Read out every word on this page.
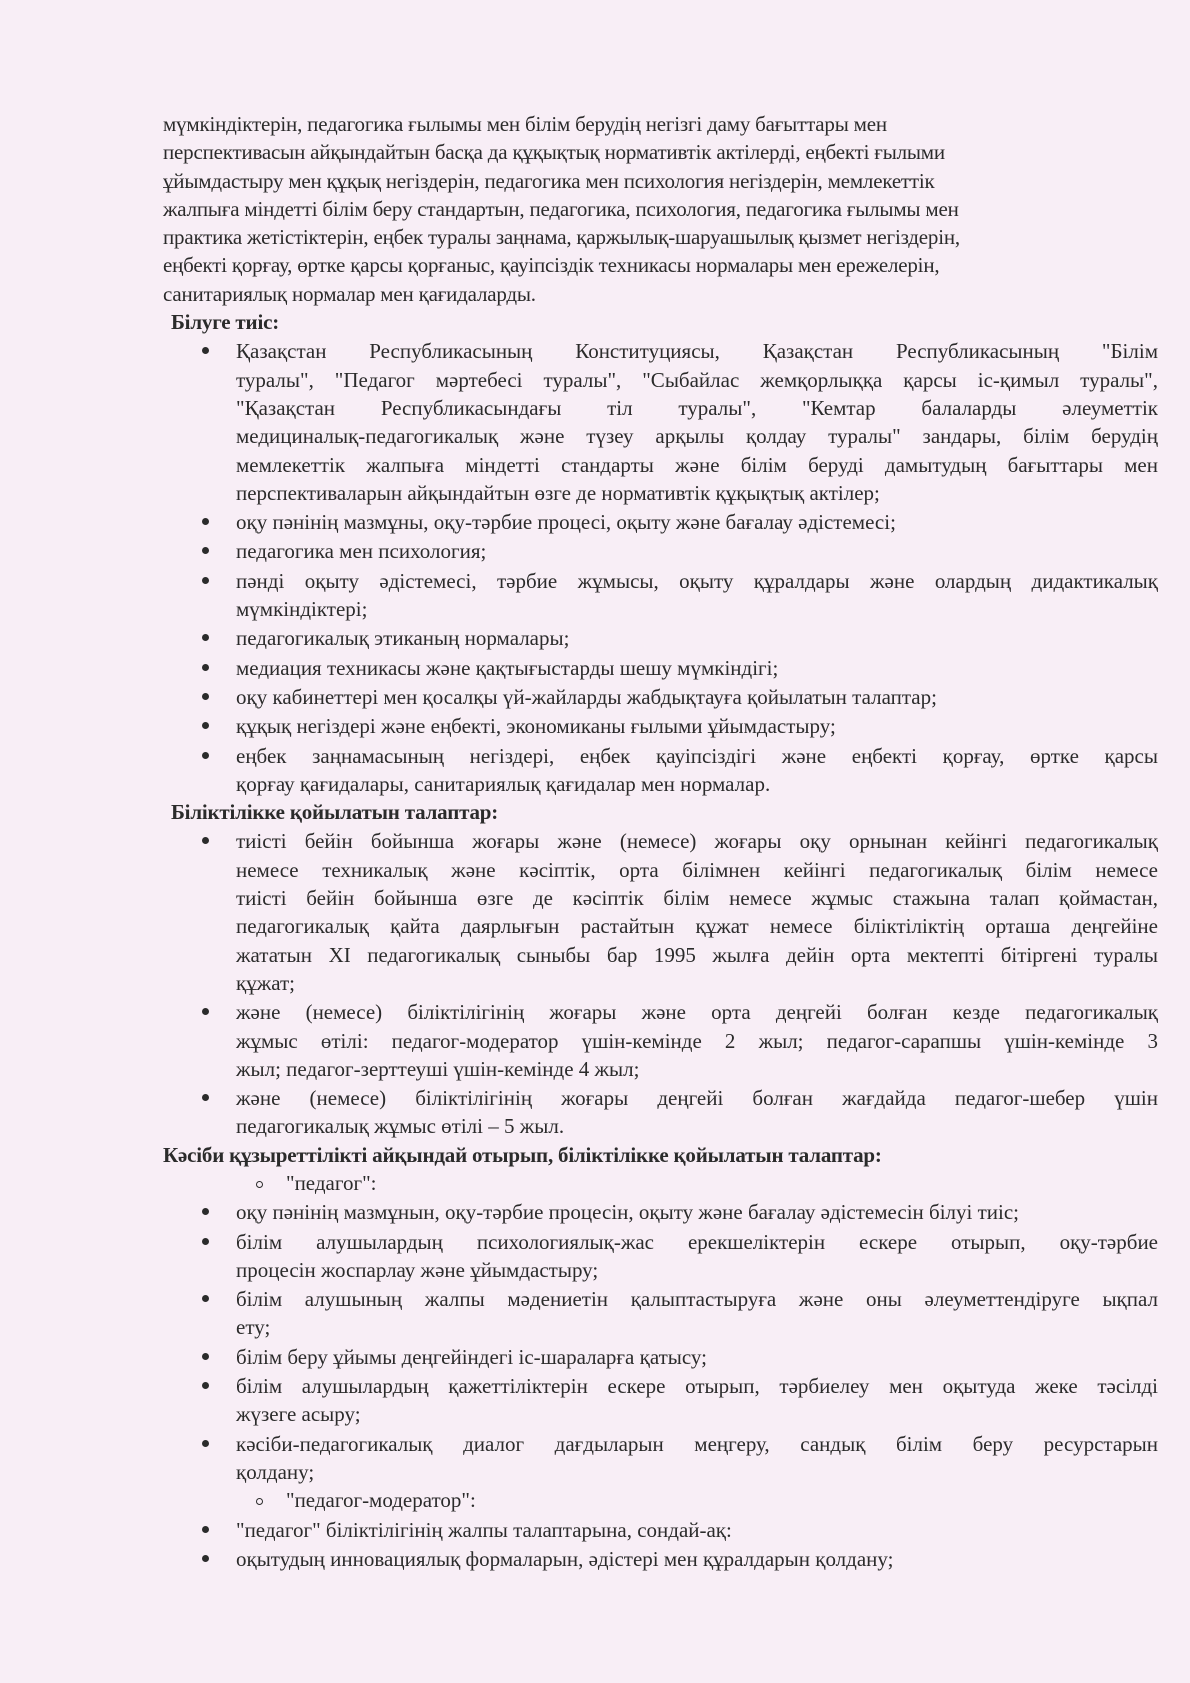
мүмкіндіктерін, педагогика ғылымы мен білім берудің негізгі даму бағыттары мен
перспективасын айқындайтын басқа да құқықтық нормативтік актілерді, еңбекті ғылыми
ұйымдастыру мен құқық негіздерін, педагогика мен психология негіздерін, мемлекеттік
жалпыға міндетті білім беру стандартын, педагогика, психология, педагогика ғылымы мен
практика жетістіктерін, еңбек туралы заңнама, қаржылық-шаруашылық қызмет негіздерін,
еңбекті қорғау, өртке қарсы қорғаныс, қауіпсіздік техникасы нормалары мен ережелерін,
санитариялық нормалар мен қағидаларды.
Білуге тиіс:
Қазақстан Республикасының Конституциясы, Қазақстан Республикасының "Білім
туралы", "Педагог мәртебесі туралы", "Сыбайлас жемқорлыққа қарсы іс-қимыл туралы",
"Қазақстан Республикасындағы тіл туралы", "Кемтар балаларды әлеуметтік
медициналық-педагогикалық және түзеу арқылы қолдау туралы" зандары, білім берудің
мемлекеттік жалпыға міндетті стандарты және білім беруді дамытудың бағыттары мен
перспективаларын айқындайтын өзге де нормативтік құқықтық актілер;
оқу пәнінің мазмұны, оқу-тәрбие процесі, оқыту және бағалау әдістемесі;
педагогика мен психология;
пәнді оқыту әдістемесі, тәрбие жұмысы, оқыту құралдары және олардың дидактикалық
мүмкіндіктері;
педагогикалық этиканың нормалары;
медиация техникасы және қақтығыстарды шешу мүмкіндігі;
оқу кабинеттері мен қосалқы үй-жайларды жабдықтауға қойылатын талаптар;
құқық негіздері және еңбекті, экономиканы ғылыми ұйымдастыру;
еңбек заңнамасының негіздері, еңбек қауіпсіздігі және еңбекті қорғау, өртке қарсы
қорғау қағидалары, санитариялық қағидалар мен нормалар.
Біліктілікке қойылатын талаптар:
тиісті бейін бойынша жоғары және (немесе) жоғары оқу орнынан кейінгі педагогикалық
немесе техникалық және кәсіптік, орта білімнен кейінгі педагогикалық білім немесе
тиісті бейін бойынша өзге де кәсіптік білім немесе жұмыс стажына талап қоймастан,
педагогикалық қайта даярлығын растайтын құжат немесе біліктіліктің орташа деңгейіне
жататын XI педагогикалық сыныбы бар 1995 жылға дейін орта мектепті бітіргені туралы
құжат;
және (немесе) біліктілігінің жоғары және орта деңгейі болған кезде педагогикалық
жұмыс өтілі: педагог-модератор үшін-кемінде 2 жыл; педагог-сарапшы үшін-кемінде 3
жыл; педагог-зерттеуші үшін-кемінде 4 жыл;
және (немесе) біліктілігінің жоғары деңгейі болған жағдайда педагог-шебер үшін
педагогикалық жұмыс өтілі – 5 жыл.
Кәсіби құзыреттілікті айқындай отырып, біліктілікке қойылатын талаптар:
"педагог":
оқу пәнінің мазмұнын, оқу-тәрбие процесін, оқыту және бағалау әдістемесін білуі тиіс;
білім алушылардың психологиялық-жас ерекшеліктерін ескере отырып, оқу-тәрбие
процесін жоспарлау және ұйымдастыру;
білім алушының жалпы мәдениетін қалыптастыруға және оны әлеуметтендіруге ықпал
ету;
білім беру ұйымы деңгейіндегі іс-шараларға қатысу;
білім алушылардың қажеттіліктерін ескере отырып, тәрбиелеу мен оқытуда жеке тәсілді
жүзеге асыру;
кәсіби-педагогикалық диалог дағдыларын меңгеру, сандық білім беру ресурстарын
қолдану;
"педагог-модератор":
"педагог" біліктілігінің жалпы талаптарына, сондай-ақ:
оқытудың инновациялық формаларын, әдістері мен құралдарын қолдану;
